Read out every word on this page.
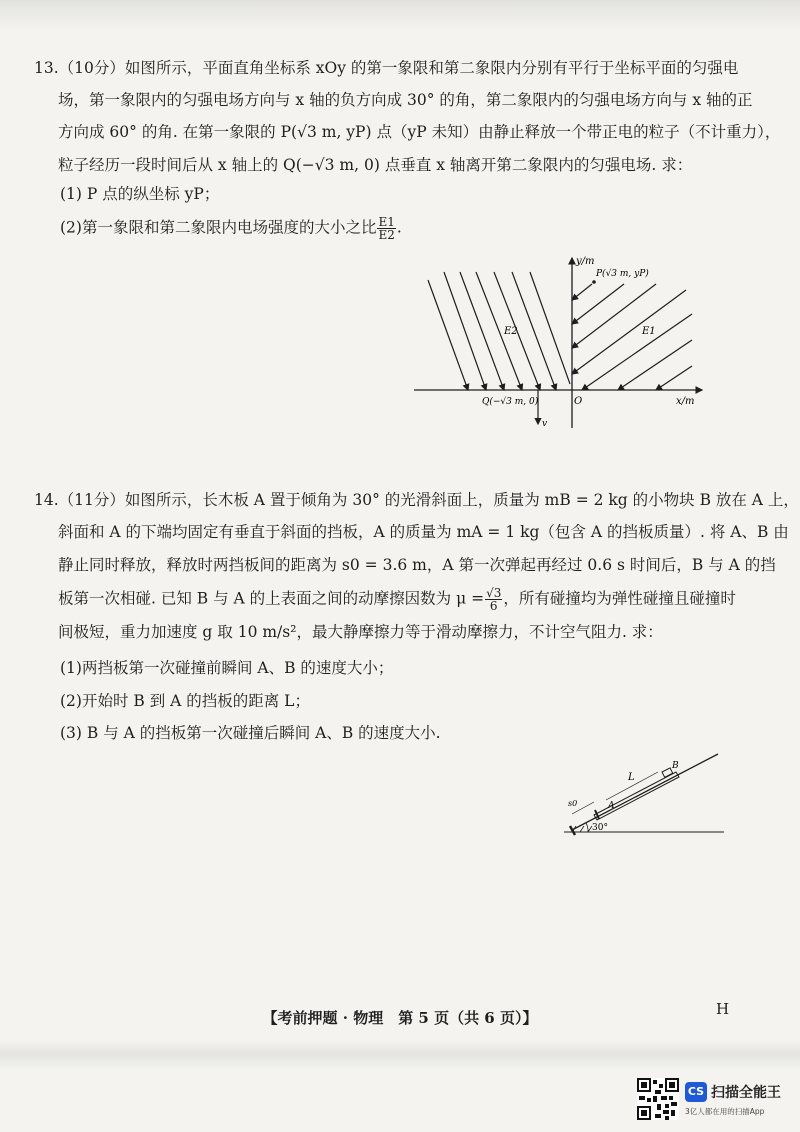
13.（10分）如图所示，平面直角坐标系 xOy 的第一象限和第二象限内分别有平行于坐标平面的匀强电
场，第一象限内的匀强电场方向与 x 轴的负方向成 30° 的角，第二象限内的匀强电场方向与 x 轴的正
方向成 60° 的角. 在第一象限的 P(√3 m, yP) 点（yP 未知）由静止释放一个带正电的粒子（不计重力），
粒子经历一段时间后从 x 轴上的 Q(−√3 m, 0) 点垂直 x 轴离开第二象限内的匀强电场. 求：
(1) P 点的纵坐标 yP；
(2)第一象限和第二象限内电场强度的大小之比 $\frac{E1}{E2}$ .
y/m
x/m
P(√3 m, yP)
E1
E2
O
Q(−√3 m, 0)
v
14.（11分）如图所示，长木板 A 置于倾角为 30° 的光滑斜面上，质量为 mB = 2 kg 的小物块 B 放在 A 上，
斜面和 A 的下端均固定有垂直于斜面的挡板，A 的质量为 mA = 1 kg（包含 A 的挡板质量）. 将 A、B 由
静止同时释放，释放时两挡板间的距离为 s0 = 3.6 m，A 第一次弹起再经过 0.6 s 时间后，B 与 A 的挡
板第一次相碰. 已知 B 与 A 的上表面之间的动摩擦因数为 $\mu = \frac{√3}{6}$ ，所有碰撞均为弹性碰撞且碰撞时
间极短，重力加速度 g 取 10 m/s²，最大静摩擦力等于滑动摩擦力，不计空气阻力. 求：
(1)两挡板第一次碰撞前瞬间 A、B 的速度大小；
(2)开始时 B 到 A 的挡板的距离 L；
(3) B 与 A 的挡板第一次碰撞后瞬间 A、B 的速度大小.
L
B
A
s0
30°
【考前押题 · 物理　第 5 页（共 6 页）】	H
CS 扫描全能王
3亿人都在用的扫描App
